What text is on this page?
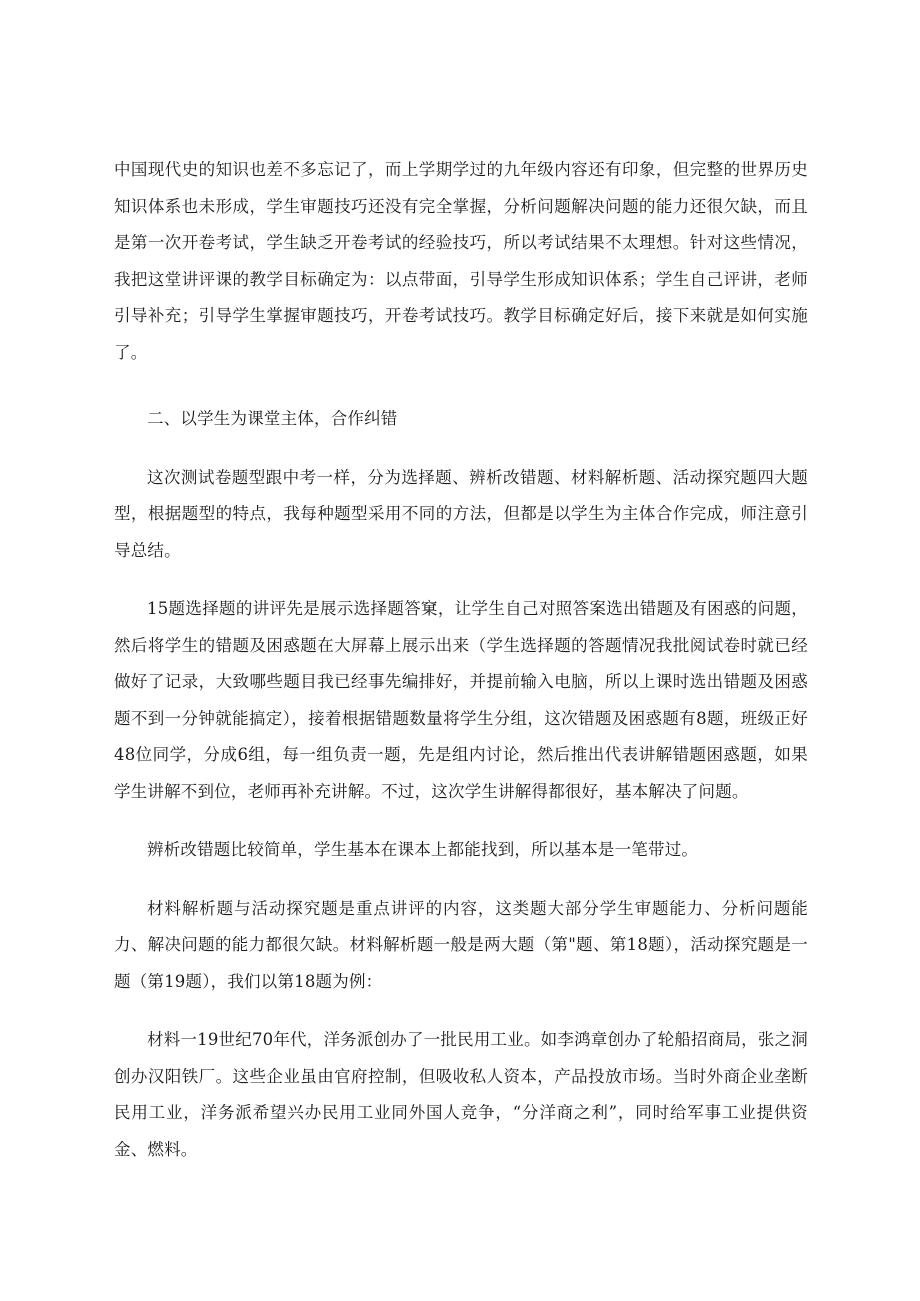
中国现代史的知识也差不多忘记了，而上学期学过的九年级内容还有印象，但完整的世界历史知识体系也未形成，学生审题技巧还没有完全掌握，分析问题解决问题的能力还很欠缺，而且是第一次开卷考试，学生缺乏开卷考试的经验技巧，所以考试结果不太理想。针对这些情况，我把这堂讲评课的教学目标确定为：以点带面，引导学生形成知识体系；学生自己评讲，老师引导补充；引导学生掌握审题技巧，开卷考试技巧。教学目标确定好后，接下来就是如何实施了。

二、以学生为课堂主体，合作纠错

这次测试卷题型跟中考一样，分为选择题、辨析改错题、材料解析题、活动探究题四大题型，根据题型的特点，我每种题型采用不同的方法，但都是以学生为主体合作完成，师注意引导总结。

15题选择题的讲评先是展示选择题答窠，让学生自己对照答案选出错题及有困惑的问题，然后将学生的错题及困惑题在大屏幕上展示出来（学生选择题的答题情况我批阅试卷时就已经做好了记录，大致哪些题目我已经事先编排好，并提前输入电脑，所以上课时选出错题及困惑题不到一分钟就能搞定），接着根据错题数量将学生分组，这次错题及困惑题有8题，班级正好48位同学，分成6组，每一组负责一题，先是组内讨论，然后推出代表讲解错题困惑题，如果学生讲解不到位，老师再补充讲解。不过，这次学生讲解得都很好，基本解决了问题。

辨析改错题比较简单，学生基本在课本上都能找到，所以基本是一笔带过。

材料解析题与活动探究题是重点讲评的内容，这类题大部分学生审题能力、分析问题能力、解决问题的能力都很欠缺。材料解析题一般是两大题（第"题、第18题），活动探究题是一题（第19题），我们以第18题为例：

材料一19世纪70年代，洋务派创办了一批民用工业。如李鸿章创办了轮船招商局，张之洞创办汉阳铁厂。这些企业虽由官府控制，但吸收私人资本，产品投放市场。当时外商企业垄断民用工业，洋务派希望兴办民用工业同外国人竞争，“分洋商之利”，同时给军事工业提供资金、燃料。
